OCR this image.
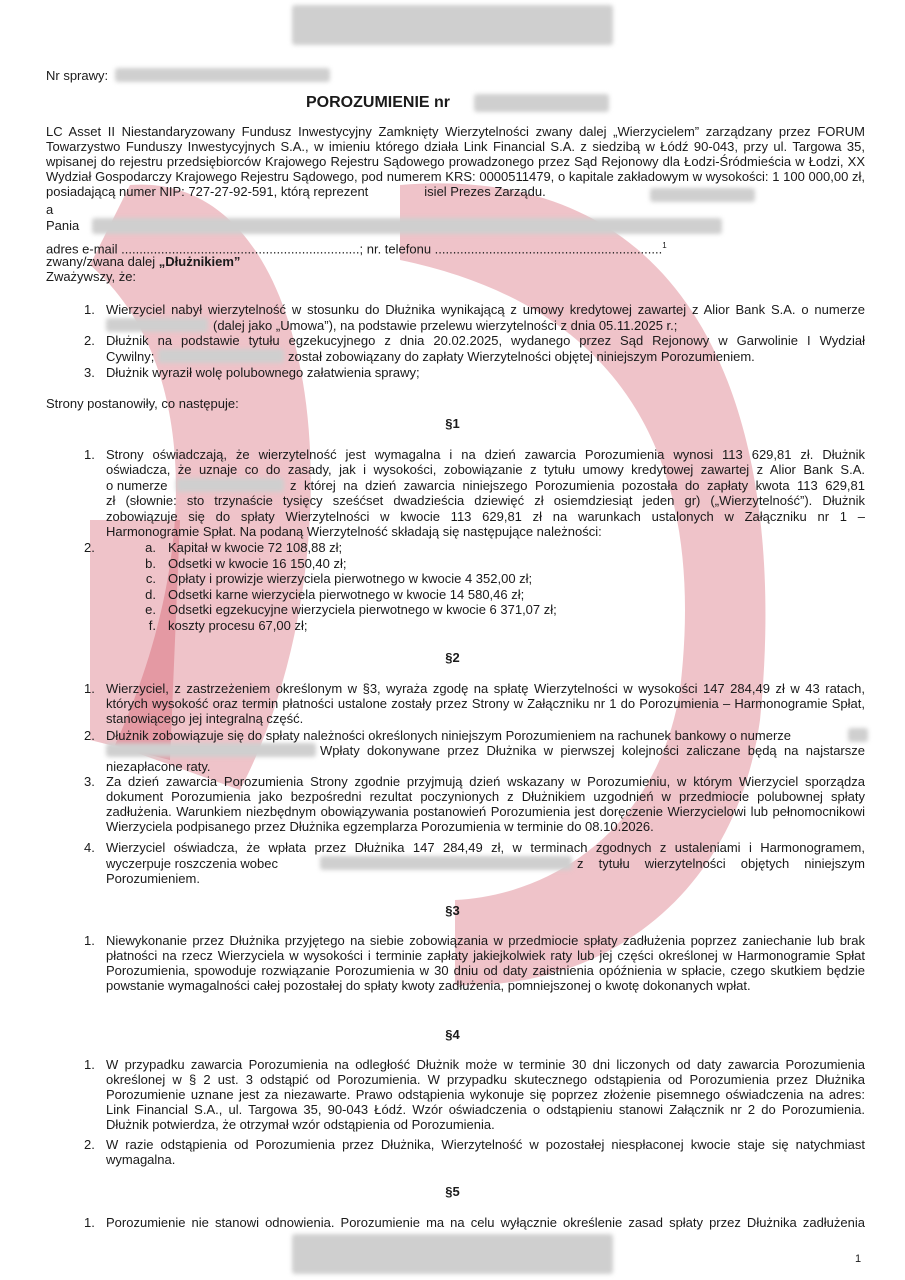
Nr sprawy:
POROZUMIENIE nr
LC Asset II Niestandaryzowany Fundusz Inwestycyjny Zamknięty Wierzytelności zwany dalej „Wierzycielem” zarządzany przez FORUM Towarzystwo Funduszy Inwestycyjnych S.A., w imieniu którego działa Link Financial S.A. z siedzibą w Łódź 90-043, przy ul. Targowa 35, wpisanej do rejestru przedsiębiorców Krajowego Rejestru Sądowego prowadzonego przez Sąd Rejonowy dla Łodzi-Śródmieścia w Łodzi, XX Wydział Gospodarczy Krajowego Rejestru Sądowego, pod numerem KRS: 0000511479, o kapitale zakładowym w wysokości: 1 100 000,00 zł, posiadającą numer NIP: 727-27-92-591, którą reprezent	isiel Prezes Zarządu.
a
Pania
adres e-mail ..................................................................; nr. telefonu ...............................................................$^1$
zwany/zwana dalej „Dłużnikiem”
Zważywszy, że:
1. Wierzyciel nabył wierzytelność w stosunku do Dłużnika wynikającą z umowy kredytowej zawartej z Alior Bank S.A. o numerze
(dalej jako „Umowa”), na podstawie przelewu wierzytelności z dnia 05.11.2025 r.;
2. Dłużnik na podstawie tytułu egzekucyjnego z dnia 20.02.2025, wydanego przez Sąd Rejonowy w Garwolinie I Wydział
Cywilny;	został zobowiązany do zapłaty Wierzytelności objętej niniejszym Porozumieniem.
3. Dłużnik wyraził wolę polubownego załatwienia sprawy;
Strony postanowiły, co następuje:
§1
1. Strony oświadczają, że wierzytelność jest wymagalna i na dzień zawarcia Porozumienia wynosi 113 629,81 zł. Dłużnik
oświadcza, że uznaje co do zasady, jak i wysokości, zobowiązanie z tytułu umowy kredytowej zawartej z Alior Bank S.A.
o numerze	z której na dzień zawarcia niniejszego Porozumienia pozostała do zapłaty kwota 113 629,81
zł (słownie: sto trzynaście tysięcy sześćset dwadzieścia dziewięć zł osiemdziesiąt jeden gr) („Wierzytelność”). Dłużnik
zobowiązuje się do spłaty Wierzytelności w kwocie 113 629,81 zł na warunkach ustalonych w Załączniku nr 1 –
Harmonogramie Spłat. Na podaną Wierzytelność składają się następujące należności:
2.	a. Kapitał w kwocie 72 108,88 zł;
b. Odsetki w kwocie 16 150,40 zł;
c. Opłaty i prowizje wierzyciela pierwotnego w kwocie 4 352,00 zł;
d. Odsetki karne wierzyciela pierwotnego w kwocie 14 580,46 zł;
e. Odsetki egzekucyjne wierzyciela pierwotnego w kwocie 6 371,07 zł;
f. koszty procesu 67,00 zł;
§2
1. Wierzyciel, z zastrzeżeniem określonym w §3, wyraża zgodę na spłatę Wierzytelności w wysokości 147 284,49 zł w 43 ratach, których wysokość oraz termin płatności ustalone zostały przez Strony w Załączniku nr 1 do Porozumienia – Harmonogramie Spłat, stanowiącego jej integralną część.
2. Dłużnik zobowiązuje się do spłaty należności określonych niniejszym Porozumieniem na rachunek bankowy o numerze
Wpłaty dokonywane przez Dłużnika w pierwszej kolejności zaliczane będą na najstarsze
niezapłacone raty.
3. Za dzień zawarcia Porozumienia Strony zgodnie przyjmują dzień wskazany w Porozumieniu, w którym Wierzyciel sporządza dokument Porozumienia jako bezpośredni rezultat poczynionych z Dłużnikiem uzgodnień w przedmiocie polubownej spłaty zadłużenia. Warunkiem niezbędnym obowiązywania postanowień Porozumienia jest doręczenie Wierzycielowi lub pełnomocnikowi Wierzyciela podpisanego przez Dłużnika egzemplarza Porozumienia w terminie do 08.10.2026.
4. Wierzyciel oświadcza, że wpłata przez Dłużnika 147 284,49 zł, w terminach zgodnych z ustaleniami i Harmonogramem,
wyczerpuje roszczenia wobec	z tytułu wierzytelności objętych niniejszym
Porozumieniem.
§3
1. Niewykonanie przez Dłużnika przyjętego na siebie zobowiązania w przedmiocie spłaty zadłużenia poprzez zaniechanie lub brak płatności na rzecz Wierzyciela w wysokości i terminie zapłaty jakiejkolwiek raty lub jej części określonej w Harmonogramie Spłat Porozumienia, spowoduje rozwiązanie Porozumienia w 30 dniu od daty zaistnienia opóźnienia w spłacie, czego skutkiem będzie powstanie wymagalności całej pozostałej do spłaty kwoty zadłużenia, pomniejszonej o kwotę dokonanych wpłat.
§4
1. W przypadku zawarcia Porozumienia na odległość Dłużnik może w terminie 30 dni liczonych od daty zawarcia Porozumienia określonej w § 2 ust. 3 odstąpić od Porozumienia. W przypadku skutecznego odstąpienia od Porozumienia przez Dłużnika Porozumienie uznane jest za niezawarte. Prawo odstąpienia wykonuje się poprzez złożenie pisemnego oświadczenia na adres: Link Financial S.A., ul. Targowa 35, 90-043 Łódź. Wzór oświadczenia o odstąpieniu stanowi Załącznik nr 2 do Porozumienia. Dłużnik potwierdza, że otrzymał wzór odstąpienia od Porozumienia.
2. W razie odstąpienia od Porozumienia przez Dłużnika, Wierzytelność w pozostałej niespłaconej kwocie staje się natychmiast wymagalna.
§5
1. Porozumienie nie stanowi odnowienia. Porozumienie ma na celu wyłącznie określenie zasad spłaty przez Dłużnika zadłużenia
1
